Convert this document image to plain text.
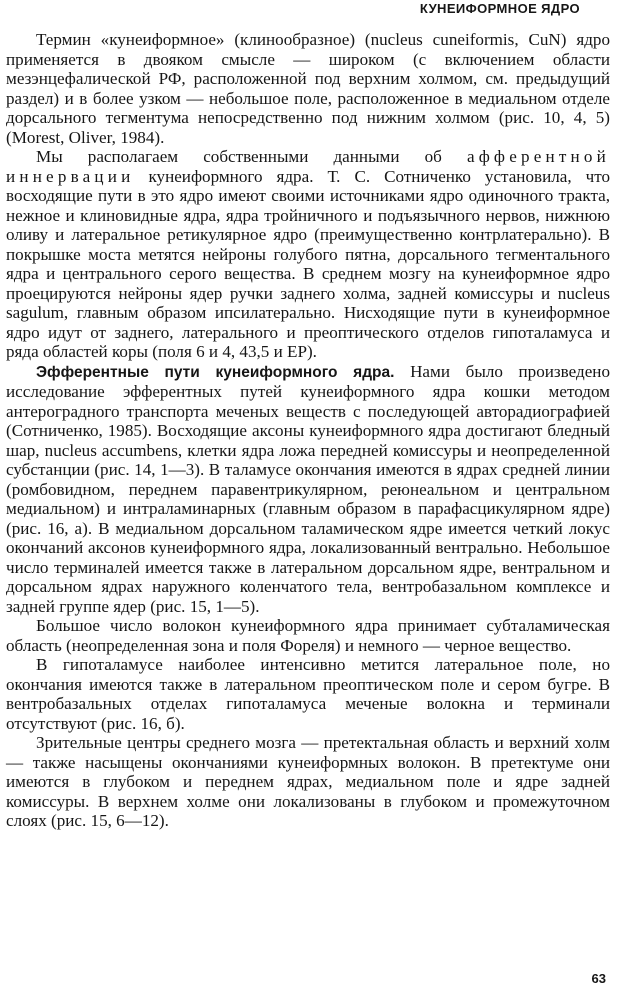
КУНЕИФОРМНОЕ ЯДРО

Термин «кунеиформное» (клинообразное) (nucleus cuneiformis, CuN) ядро применяется в двояком смысле — широком (с включением области мезэнцефалической РФ, расположенной под верхним холмом, см. предыдущий раздел) и в более узком — небольшое поле, расположенное в медиальном отделе дорсального тегментума непосредственно под нижним холмом (рис. 10, 4, 5) (Morest, Oliver, 1984).

Мы располагаем собственными данными об афферентной иннервации кунеиформного ядра. Т. С. Сотниченко установила, что восходящие пути в это ядро имеют своими источниками ядро одиночного тракта, нежное и клиновидные ядра, ядра тройничного и подъязычного нервов, нижнюю оливу и латеральное ретикулярное ядро (преимущественно контрлатерально). В покрышке моста метятся нейроны голубого пятна, дорсального тегментального ядра и центрального серого вещества. В среднем мозгу на кунеиформное ядро проецируются нейроны ядер ручки заднего холма, задней комиссуры и nucleus sagulum, главным образом ипсилатерально. Нисходящие пути в кунеиформное ядро идут от заднего, латерального и преоптического отделов гипоталамуса и ряда областей коры (поля 6 и 4, 43,5 и ЕР).

Эфферентные пути кунеиформного ядра. Нами было произведено исследование эфферентных путей кунеиформного ядра кошки методом антероградного транспорта меченых веществ с последующей авторадиографией (Сотниченко, 1985). Восходящие аксоны кунеиформного ядра достигают бледный шар, nucleus accumbens, клетки ядра ложа передней комиссуры и неопределенной субстанции (рис. 14, 1—3). В таламусе окончания имеются в ядрах средней линии (ромбовидном, переднем паравентрикулярном, реюнеальном и центральном медиальном) и интраламинарных (главным образом в парафасцикулярном ядре) (рис. 16, а). В медиальном дорсальном таламическом ядре имеется четкий локус окончаний аксонов кунеиформного ядра, локализованный вентрально. Небольшое число терминалей имеется также в латеральном дорсальном ядре, вентральном и дорсальном ядрах наружного коленчатого тела, вентробазальном комплексе и задней группе ядер (рис. 15, 1—5).

Большое число волокон кунеиформного ядра принимает субталамическая область (неопределенная зона и поля Фореля) и немного — черное вещество.

В гипоталамусе наиболее интенсивно метится латеральное поле, но окончания имеются также в латеральном преоптическом поле и сером бугре. В вентробазальных отделах гипоталамуса меченые волокна и терминали отсутствуют (рис. 16, б).

Зрительные центры среднего мозга — претектальная область и верхний холм — также насыщены окончаниями кунеиформных волокон. В претектуме они имеются в глубоком и переднем ядрах, медиальном поле и ядре задней комиссуры. В верхнем холме они локализованы в глубоком и промежуточном слоях (рис. 15, 6—12).

63
